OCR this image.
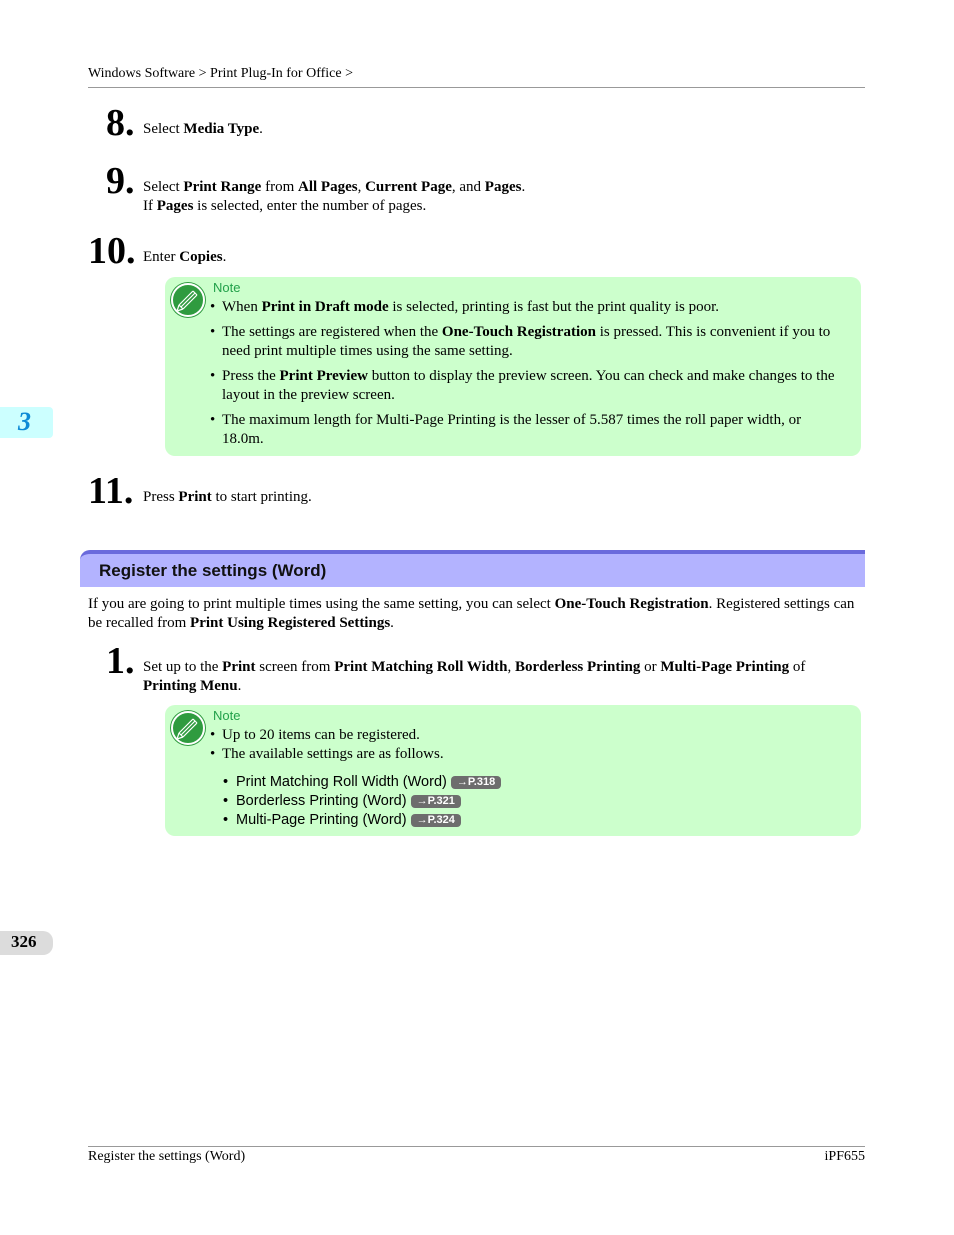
Windows Software > Print Plug-In for Office >
8. Select Media Type.
9. Select Print Range from All Pages, Current Page, and Pages.
If Pages is selected, enter the number of pages.
10. Enter Copies.
Note
• When Print in Draft mode is selected, printing is fast but the print quality is poor.
• The settings are registered when the One-Touch Registration is pressed. This is convenient if you to need print multiple times using the same setting.
• Press the Print Preview button to display the preview screen. You can check and make changes to the layout in the preview screen.
• The maximum length for Multi-Page Printing is the lesser of 5.587 times the roll paper width, or 18.0m.
11. Press Print to start printing.
Register the settings (Word)
If you are going to print multiple times using the same setting, you can select One-Touch Registration. Registered settings can be recalled from Print Using Registered Settings.
1. Set up to the Print screen from Print Matching Roll Width, Borderless Printing or Multi-Page Printing of
Printing Menu.
Note
• Up to 20 items can be registered.
• The available settings are as follows.
• Print Matching Roll Width (Word) →P.318
• Borderless Printing (Word) →P.321
• Multi-Page Printing (Word) →P.324
3
326
Register the settings (Word)	iPF655
